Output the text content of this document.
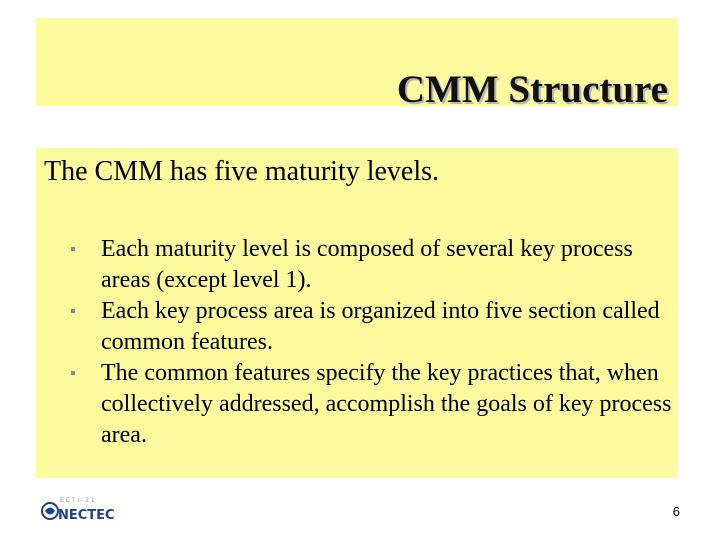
CMM Structure
The CMM has five maturity levels.
▪ Each maturity level is composed of several key process areas (except level 1).
▪ Each key process area is organized into five section called common features.
▪ The common features specify the key practices that, when collectively addressed, accomplish the goals of key process area.
E C T I - 2 1
NECTEC	6
